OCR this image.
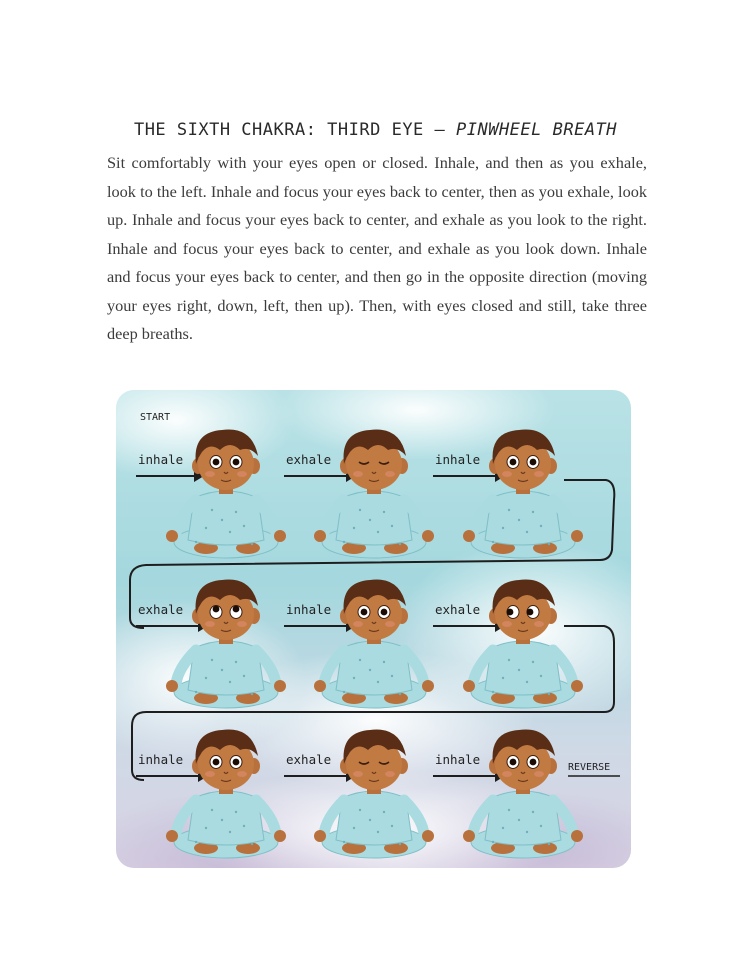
THE SIXTH CHAKRA: THIRD EYE — PINWHEEL BREATH

Sit comfortably with your eyes open or closed. Inhale, and then as you exhale, look to the left. Inhale and focus your eyes back to center, then as you exhale, look up. Inhale and focus your eyes back to center, and exhale as you look to the right. Inhale and focus your eyes back to center, and exhale as you look down. Inhale and focus your eyes back to center, and then go in the opposite direction (moving your eyes right, down, left, then up). Then, with eyes closed and still, take three deep breaths.

START
inhale	exhale	inhale
exhale	inhale	exhale
inhale	exhale	inhale
REVERSE
